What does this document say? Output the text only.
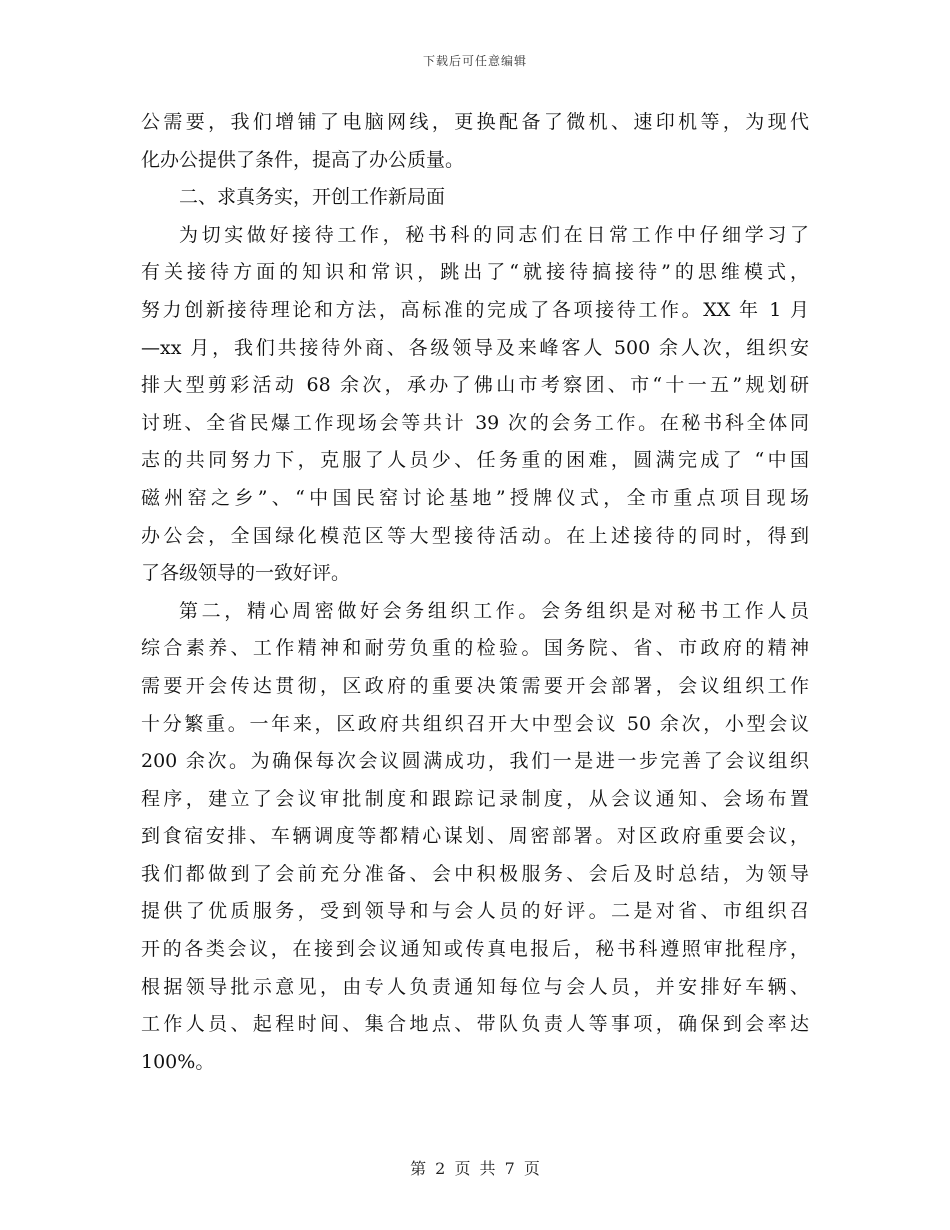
下载后可任意编辑
公需要，我们增铺了电脑网线，更换配备了微机、速印机等，为现代
化办公提供了条件，提高了办公质量。
二、求真务实，开创工作新局面
为切实做好接待工作，秘书科的同志们在日常工作中仔细学习了
有关接待方面的知识和常识，跳出了“就接待搞接待”的思维模式，
努力创新接待理论和方法，高标准的完成了各项接待工作。XX 年 1 月
—xx 月，我们共接待外商、各级领导及来峰客人 500 余人次，组织安
排大型剪彩活动 68 余次，承办了佛山市考察团、市“十一五”规划研
讨班、全省民爆工作现场会等共计 39 次的会务工作。在秘书科全体同
志的共同努力下，克服了人员少、任务重的困难，圆满完成了 “中国
磁州窑之乡”、“中国民窑讨论基地”授牌仪式，全市重点项目现场
办公会，全国绿化模范区等大型接待活动。在上述接待的同时，得到
了各级领导的一致好评。
第二，精心周密做好会务组织工作。会务组织是对秘书工作人员
综合素养、工作精神和耐劳负重的检验。国务院、省、市政府的精神
需要开会传达贯彻，区政府的重要决策需要开会部署，会议组织工作
十分繁重。一年来，区政府共组织召开大中型会议 50 余次，小型会议
200 余次。为确保每次会议圆满成功，我们一是进一步完善了会议组织
程序，建立了会议审批制度和跟踪记录制度，从会议通知、会场布置
到食宿安排、车辆调度等都精心谋划、周密部署。对区政府重要会议，
我们都做到了会前充分准备、会中积极服务、会后及时总结，为领导
提供了优质服务，受到领导和与会人员的好评。二是对省、市组织召
开的各类会议，在接到会议通知或传真电报后，秘书科遵照审批程序，
根据领导批示意见，由专人负责通知每位与会人员，并安排好车辆、
工作人员、起程时间、集合地点、带队负责人等事项，确保到会率达
100%。
第 2 页 共 7 页
